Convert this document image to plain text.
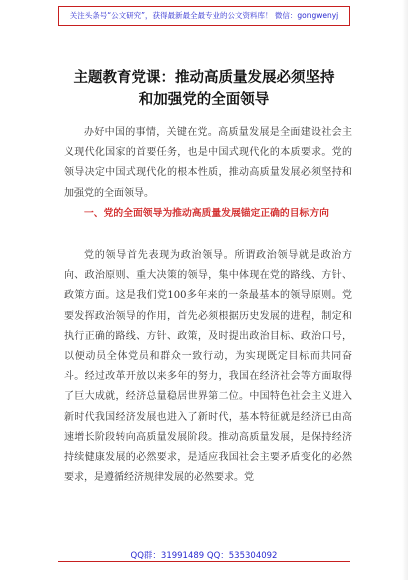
关注头条号“公文研究”，获得最新最全最专业的公文资料库！ 微信：gongwenyj
主题教育党课：推动高质量发展必须坚持
和加强党的全面领导
办好中国的事情，关键在党。高质量发展是全面建设社会主义现代化国家的首要任务，也是中国式现代化的本质要求。党的领导决定中国式现代化的根本性质，推动高质量发展必须坚持和加强党的全面领导。
一、党的全面领导为推动高质量发展锚定正确的目标方向
党的领导首先表现为政治领导。所谓政治领导就是政治方向、政治原则、重大决策的领导，集中体现在党的路线、方针、政策方面。这是我们党100多年来的一条最基本的领导原则。党要发挥政治领导的作用，首先必须根据历史发展的进程，制定和执行正确的路线、方针、政策，及时提出政治目标、政治口号，以便动员全体党员和群众一致行动，为实现既定目标而共同奋斗。经过改革开放以来多年的努力，我国在经济社会等方面取得了巨大成就，经济总量稳居世界第二位。中国特色社会主义进入新时代我国经济发展也进入了新时代，基本特征就是经济已由高速增长阶段转向高质量发展阶段。推动高质量发展，是保持经济持续健康发展的必然要求，是适应我国社会主要矛盾变化的必然要求，是遵循经济规律发展的必然要求。党
QQ群：31991489 QQ：535304092
